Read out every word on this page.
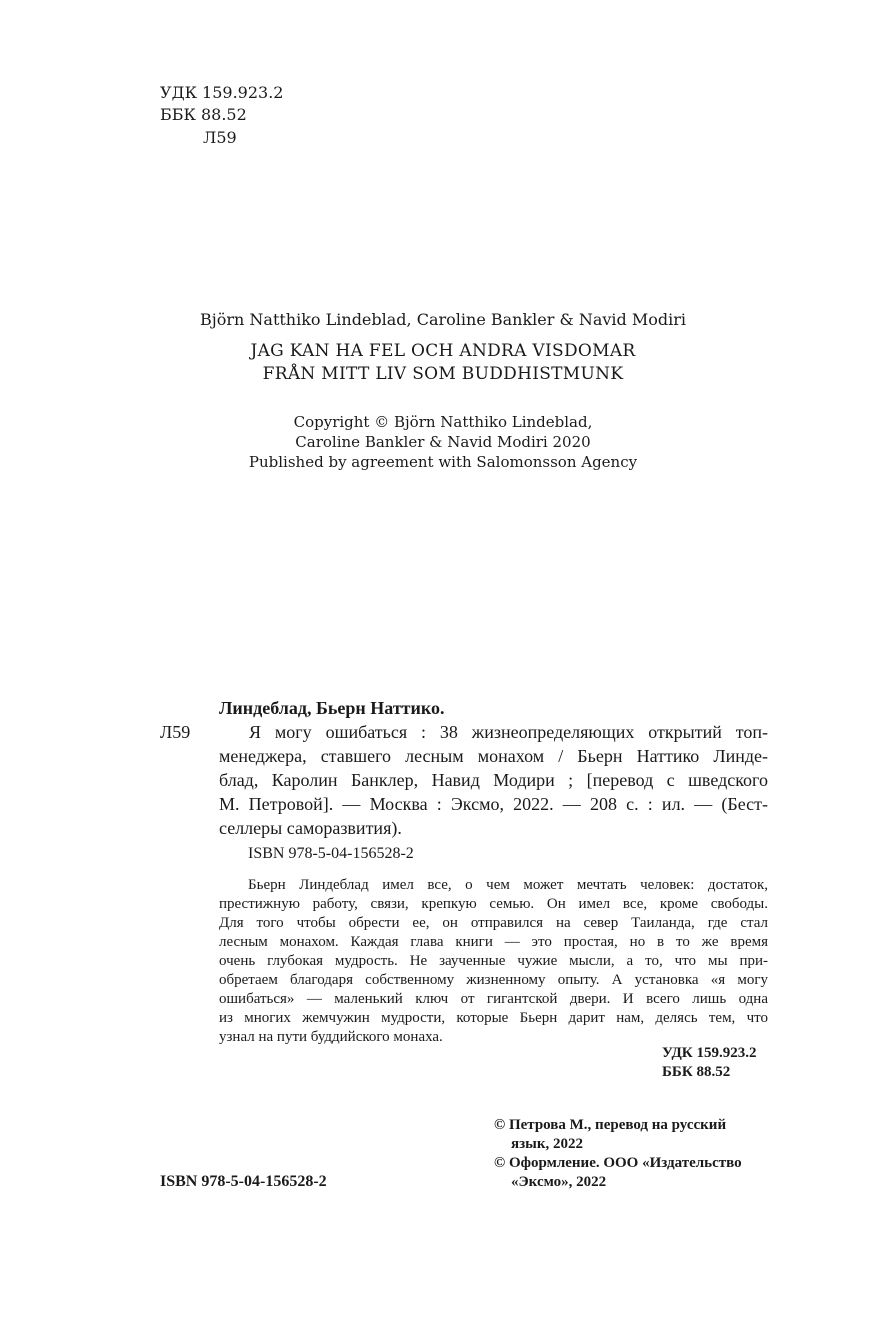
УДК 159.923.2
ББК 88.52
Л59
Björn Natthiko Lindeblad, Caroline Bankler & Navid Modiri
JAG KAN HA FEL OCH ANDRA VISDOMAR
FRÅN MITT LIV SOM BUDDHISTMUNK
Copyright © Björn Natthiko Lindeblad,
Caroline Bankler & Navid Modiri 2020
Published by agreement with Salomonsson Agency
Линдеблад, Бьерн Наттико.
Л59	Я могу ошибаться : 38 жизнеопределяющих открытий топ-
менеджера, ставшего лесным монахом / Бьерн Наттико Линде-
блад, Каролин Банклер, Навид Модири ; [перевод с шведского
М. Петровой]. — Москва : Эксмо, 2022. — 208 с. : ил. — (Бест-
селлеры саморазвития).
ISBN 978-5-04-156528-2
Бьерн Линдеблад имел все, о чем может мечтать человек: достаток,
престижную работу, связи, крепкую семью. Он имел все, кроме свободы.
Для того чтобы обрести ее, он отправился на север Таиланда, где стал
лесным монахом. Каждая глава книги — это простая, но в то же время
очень глубокая мудрость. Не заученные чужие мысли, а то, что мы при-
обретаем благодаря собственному жизненному опыту. А установка «я могу
ошибаться» — маленький ключ от гигантской двери. И всего лишь одна
из многих жемчужин мудрости, которые Бьерн дарит нам, делясь тем, что
узнал на пути буддийского монаха.
УДК 159.923.2
ББК 88.52
ISBN 978-5-04-156528-2
© Петрова М., перевод на русский
язык, 2022
© Оформление. ООО «Издательство
«Эксмо», 2022
